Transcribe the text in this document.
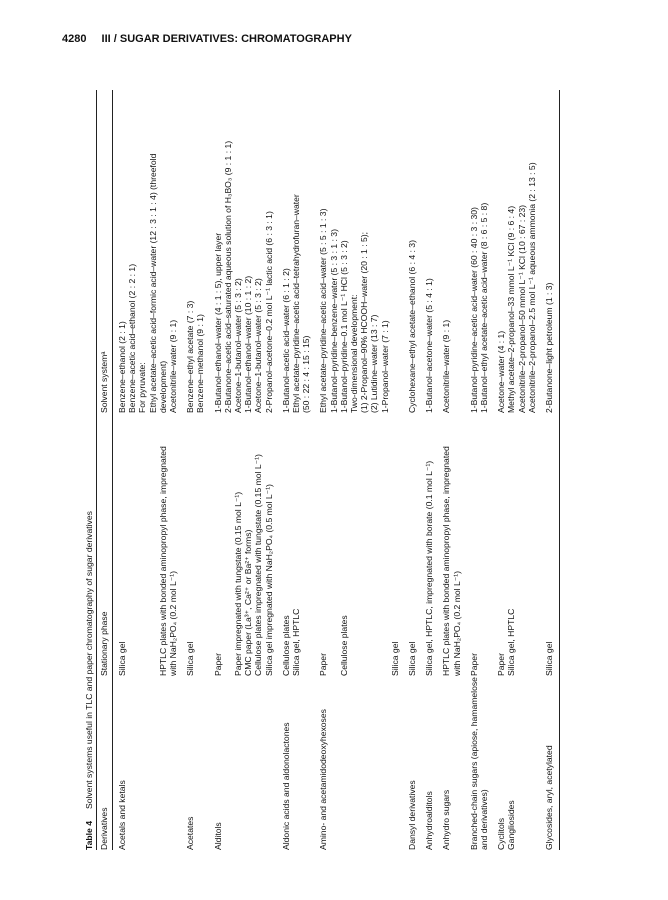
4280 III / SUGAR DERIVATIVES: CHROMATOGRAPHY
Table 4Solvent systems useful in TLC and paper chromatography of sugar derivatives
Derivatives
Stationary phase
Solvent systemᵃ
Acetals and ketals
Silica gel	HPTLC plates with bonded aminopropyl phase, impregnated with NaH₂PO₄ (0.2 mol L⁻¹)
Benzene–ethanol (2 : 1) Benzene–acetic acid–ethanol (2 : 2 : 1) For pyruvate: Ethyl acetate–acetic acid–formic acid–water (12 : 3 : 1 : 4) (threefold development) Acetonitrile–water (9 : 1)
Acetates
Silica gel
Benzene–ethyl acetate (7 : 3) Benzene–methanol (9 : 1)
Alditols
Paper Paper impregnated with tungstate (0.15 mol L⁻¹) CMC paper (La³⁺, Ca²⁺ or Ba²⁺ forms) Cellulose plates impregnated with tungstate (0.15 mol L⁻¹) Silica gel impregnated with NaH₂PO₄ (0.5 mol L⁻¹)
1-Butanol–ethanol–water (4 : 1 : 5), upper layer 2-Butanone–acetic acid–saturated aqueous solution of H₃BO₃ (9 : 1 : 1) Acetone–1-butanol–water (5 : 3 : 2) 1-Butanol–ethanol–water (10 : 1 : 2) Acetone–1-butanol–water (5 : 3 : 2) 2-Propanol–acetone–0.2 mol L⁻¹ lactic acid (6 : 3 : 1)
Aldonic acids and aldonolactones
Cellulose plates Silica gel, HPTLC
1-Butanol–acetic acid–water (6 : 1 : 2) Ethyl acetate–pyridine–acetic acid–tetrahydrofuran–water (50 : 22 : 4 : 15 : 15)
Amino- and acetamidodeoxyhexoses
Paper Cellulose plates	Silica gel
Ethyl acetate–pyridine–acetic acid–water (5 : 5 : 1 : 3) 1-Butanol–pyridine–benzene–water (5 : 3 : 1 : 3) 1-Butanol–pyridine–0.1 mol L⁻¹ HCl (5 : 3 : 2) Two-dimensional development: (1) 2-Propanol–90% HCOOH–water (20 : 1 : 5); (2) Lutidine–water (13 : 7) 1-Propanol–water (7 : 1)
Dansyl derivatives
Silica gel
Cyclohexane–ethyl acetate–ethanol (6 : 4 : 3)
Anhydroalditols
Silica gel, HPTLC, impregnated with borate (0.1 mol L⁻¹)
1-Butanol–acetone–water (5 : 4 : 1)
Anhydro sugars
HPTLC plates with bonded aminopropyl phase, impregnated with NaH₂PO₄ (0.2 mol L⁻¹)
Acetonitrile–water (9 : 1)
Branched-chain sugars (apiose, hamamelose and derivatives)
Paper
1-Butanol–pyridine–acetic acid–water (60 : 40 : 3 : 30) 1-Butanol–ethyl acetate–acetic acid–water (8 : 6 : 5 : 8)
Cyclitols Gangliosides
Paper Silica gel, HPTLC
Acetone–water (4 : 1) Methyl acetate–2-propanol–33 mmol L⁻¹ KCl (9 : 6 : 4) Acetonitrile–2-propanol–50 mmol L⁻¹ KCl (10 : 67 : 23) Acetonitrile–2-propanol–2.5 mol L⁻¹ aqueous ammonia (2 : 13 : 5)
Glycosides, aryl, acetylated
Silica gel
2-Butanone–light petroleum (1 : 3)
